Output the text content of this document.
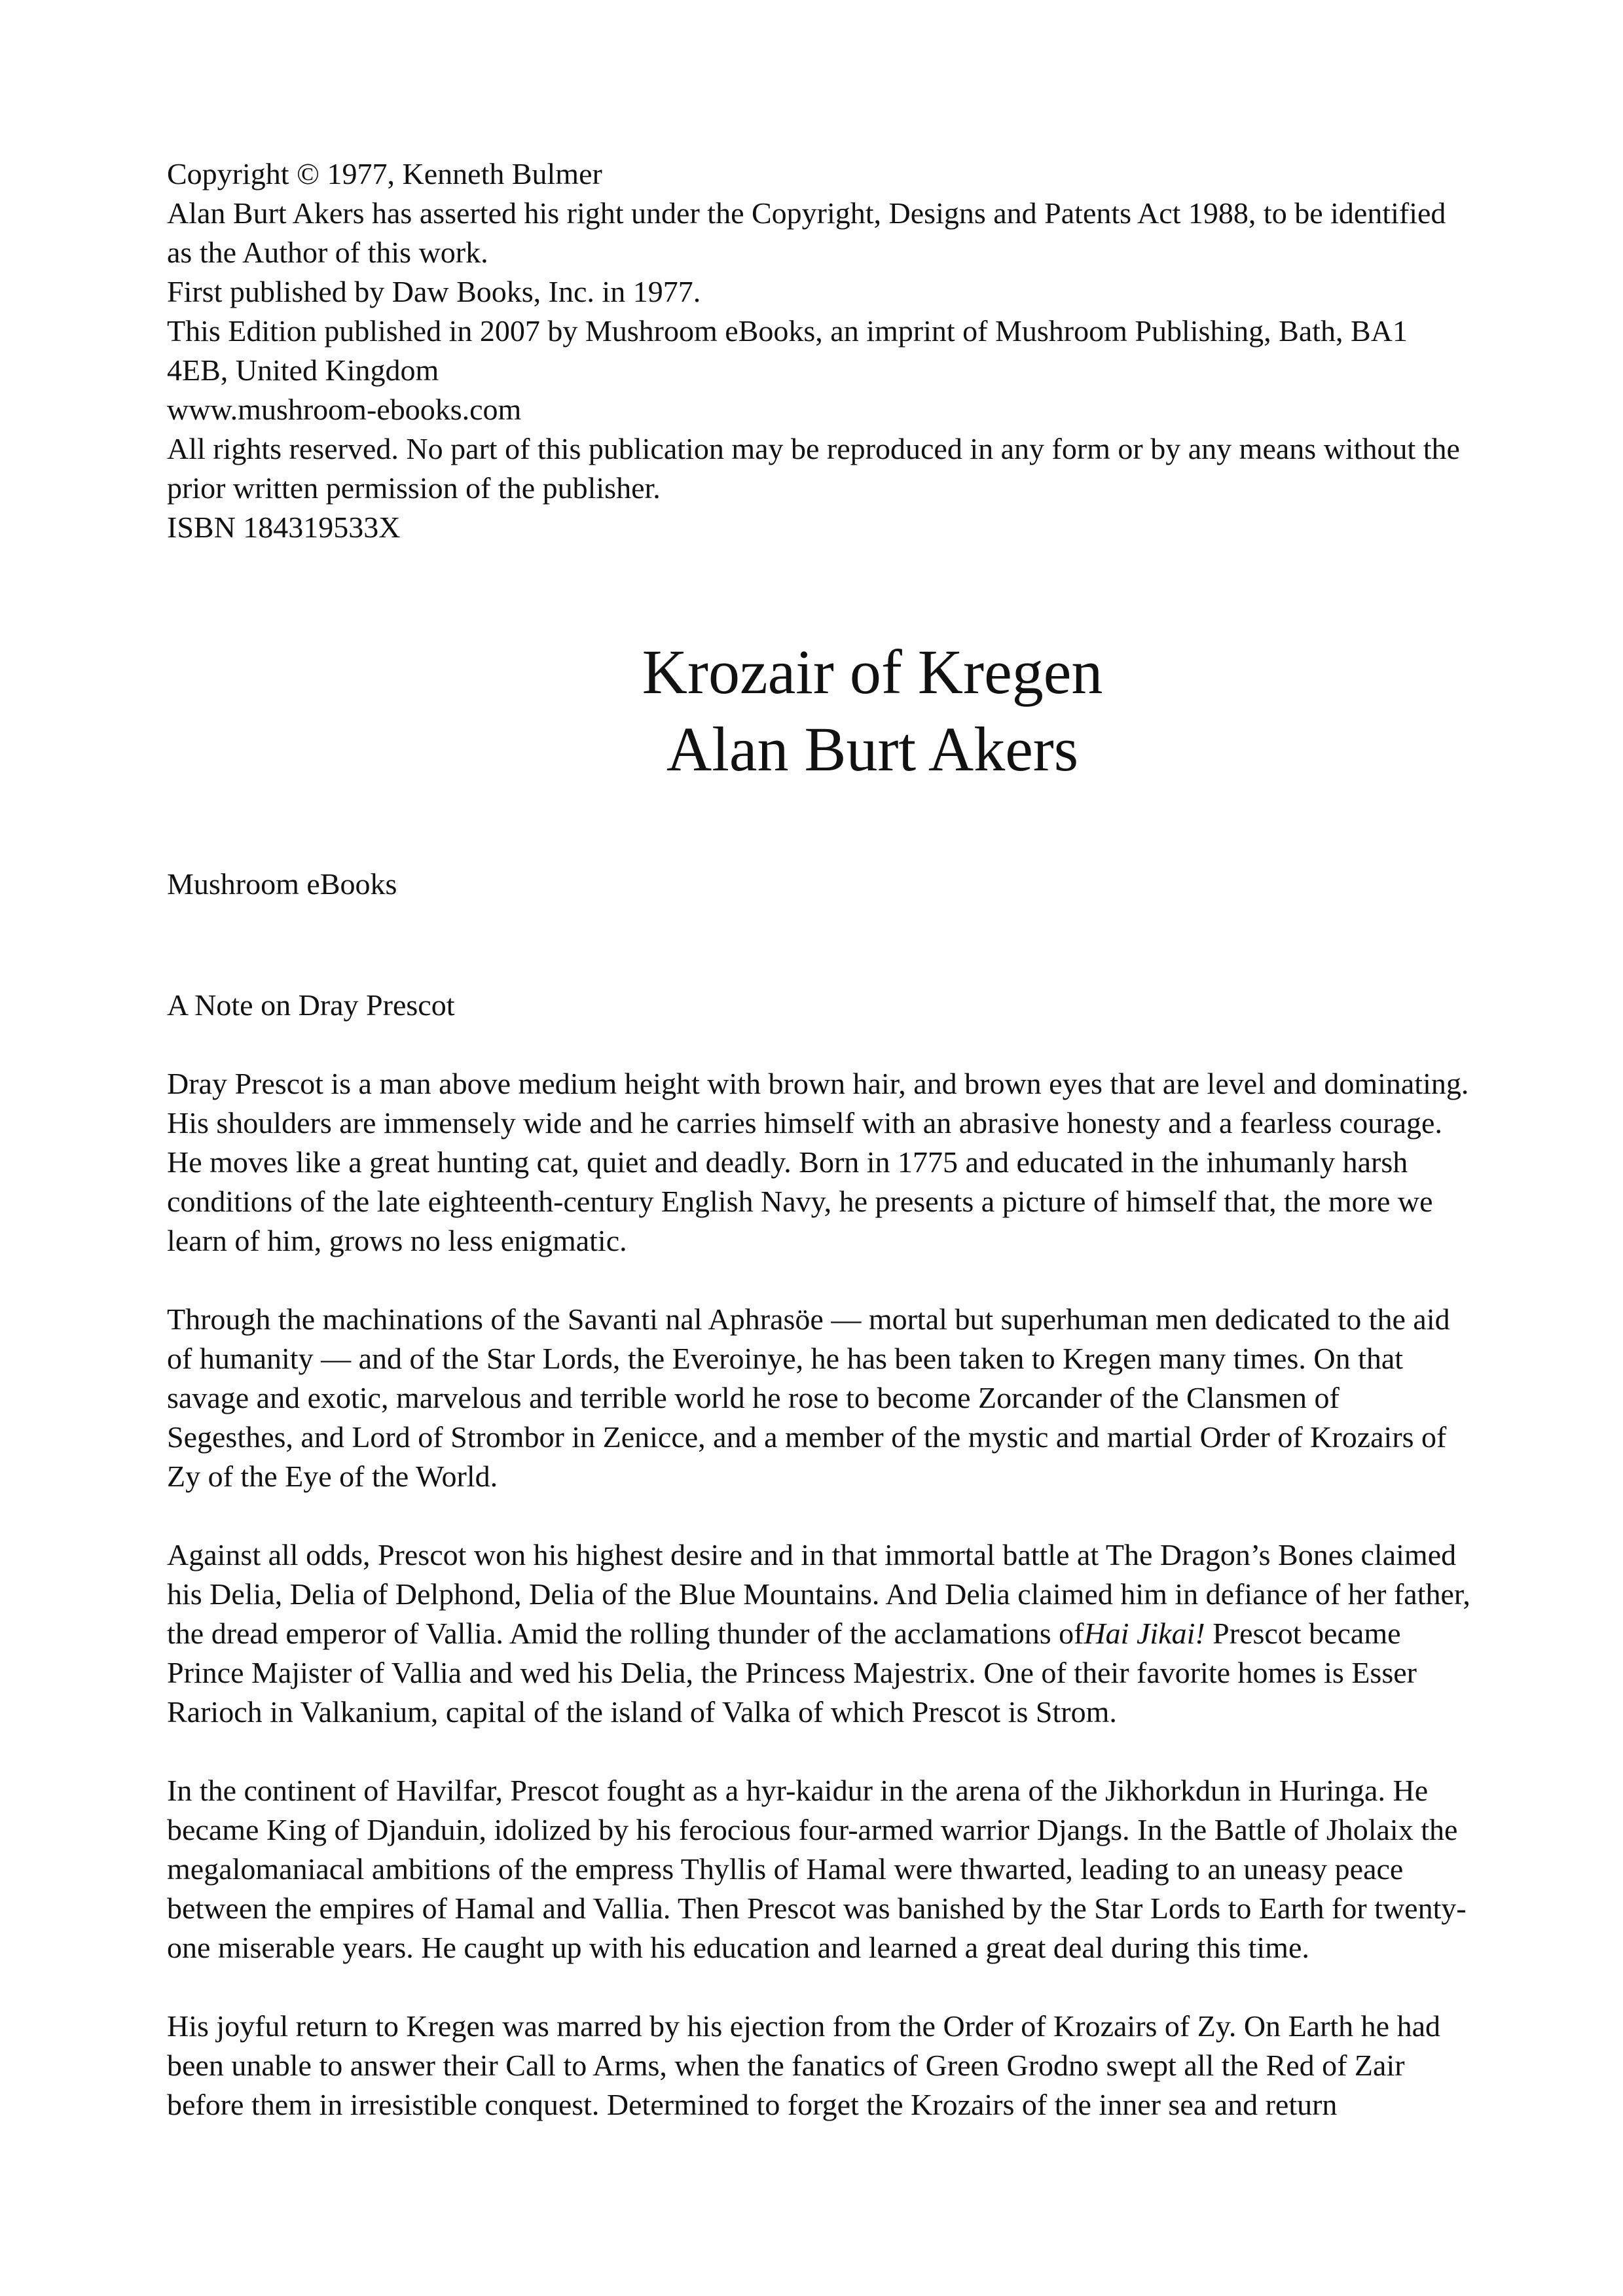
Copyright © 1977, Kenneth Bulmer

Alan Burt Akers has asserted his right under the Copyright, Designs and Patents Act 1988, to be identified as the Author of this work.

First published by Daw Books, Inc. in 1977.

This Edition published in 2007 by Mushroom eBooks, an imprint of Mushroom Publishing, Bath, BA1 4EB, United Kingdom

www.mushroom-ebooks.com

All rights reserved. No part of this publication may be reproduced in any form or by any means without the prior written permission of the publisher.

ISBN 184319533X

Krozair of Kregen

Alan Burt Akers

Mushroom eBooks

A Note on Dray Prescot

Dray Prescot is a man above medium height with brown hair, and brown eyes that are level and dominating. His shoulders are immensely wide and he carries himself with an abrasive honesty and a fearless courage. He moves like a great hunting cat, quiet and deadly. Born in 1775 and educated in the inhumanly harsh conditions of the late eighteenth-century English Navy, he presents a picture of himself that, the more we learn of him, grows no less enigmatic.

Through the machinations of the Savanti nal Aphrasöe — mortal but superhuman men dedicated to the aid of humanity — and of the Star Lords, the Everoinye, he has been taken to Kregen many times. On that savage and exotic, marvelous and terrible world he rose to become Zorcander of the Clansmen of Segesthes, and Lord of Strombor in Zenicce, and a member of the mystic and martial Order of Krozairs of Zy of the Eye of the World.

Against all odds, Prescot won his highest desire and in that immortal battle at The Dragon’s Bones claimed his Delia, Delia of Delphond, Delia of the Blue Mountains. And Delia claimed him in defiance of her father, the dread emperor of Vallia. Amid the rolling thunder of the acclamations ofHai Jikai! Prescot became Prince Majister of Vallia and wed his Delia, the Princess Majestrix. One of their favorite homes is Esser Rarioch in Valkanium, capital of the island of Valka of which Prescot is Strom.

In the continent of Havilfar, Prescot fought as a hyr-kaidur in the arena of the Jikhorkdun in Huringa. He became King of Djanduin, idolized by his ferocious four-armed warrior Djangs. In the Battle of Jholaix the megalomaniacal ambitions of the empress Thyllis of Hamal were thwarted, leading to an uneasy peace between the empires of Hamal and Vallia. Then Prescot was banished by the Star Lords to Earth for twenty-one miserable years. He caught up with his education and learned a great deal during this time.

His joyful return to Kregen was marred by his ejection from the Order of Krozairs of Zy. On Earth he had been unable to answer their Call to Arms, when the fanatics of Green Grodno swept all the Red of Zair before them in irresistible conquest. Determined to forget the Krozairs of the inner sea and return
